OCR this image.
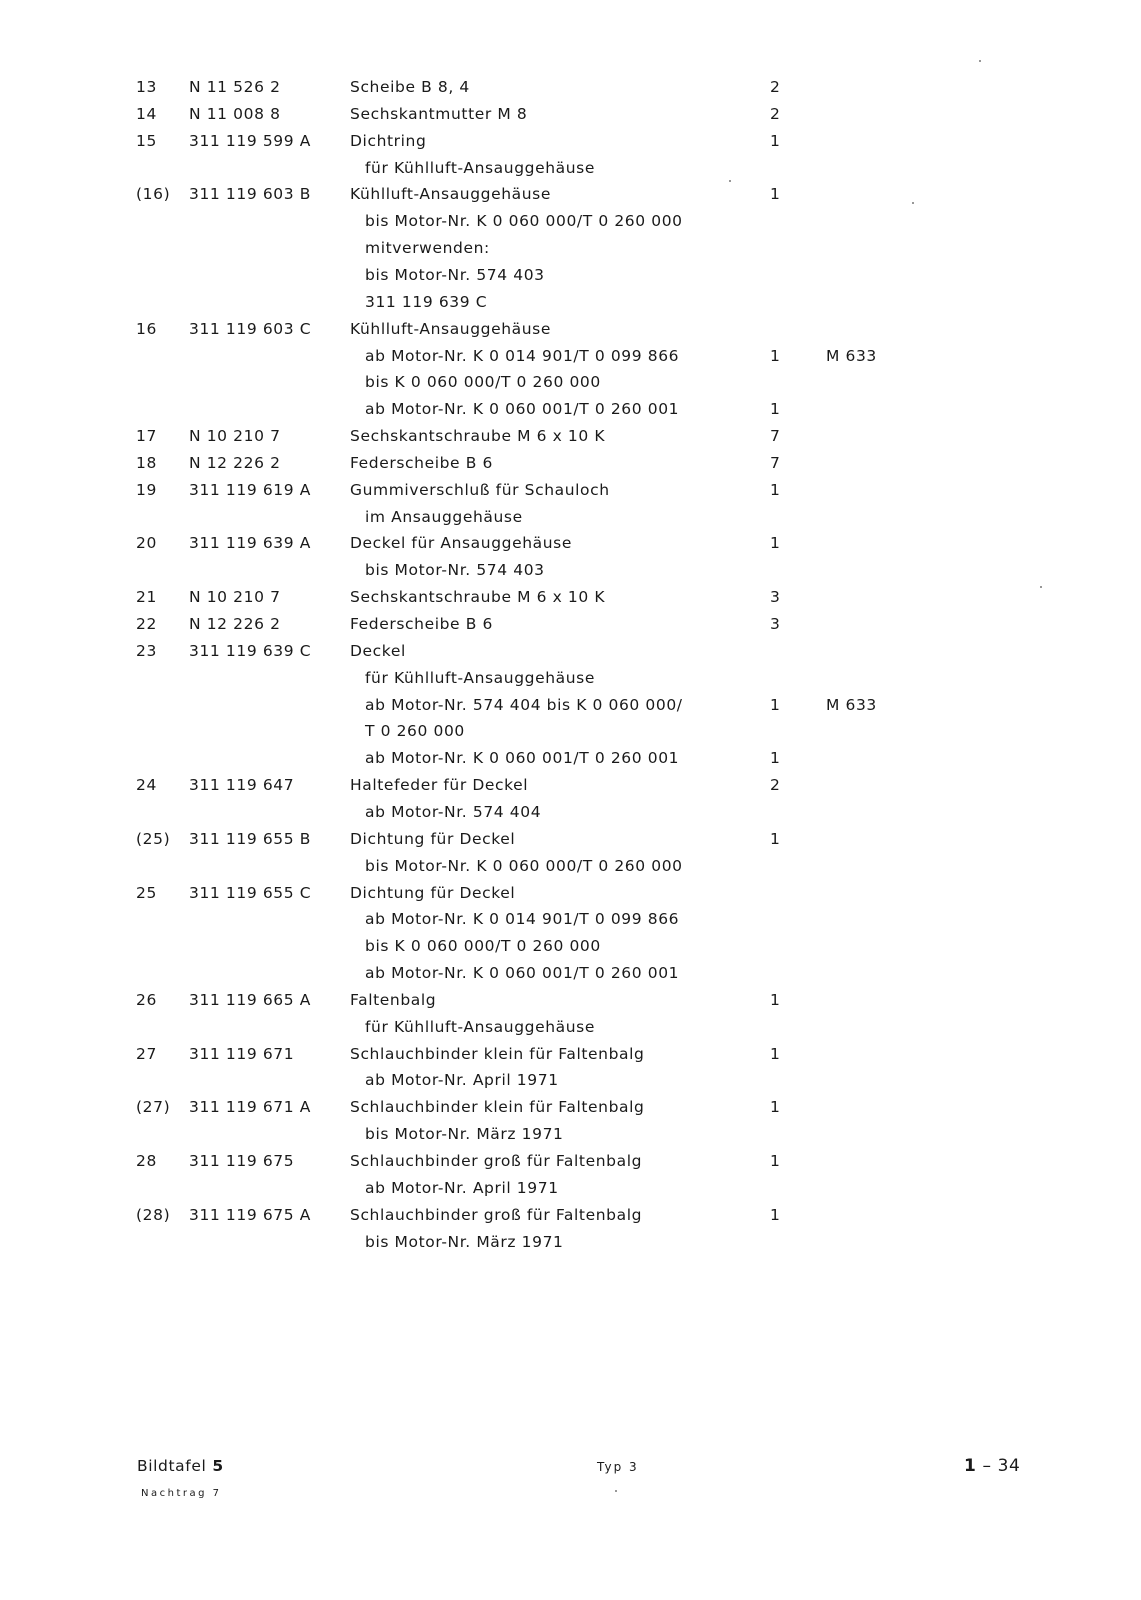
13 N 11 526 2	Scheibe B 8, 4	2
14 N 11 008 8	Sechskantmutter M 8	2
15 311 119 599 A	Dichtring	1
für Kühlluft-Ansauggehäuse
(16) 311 119 603 B	Kühlluft-Ansauggehäuse	1
bis Motor-Nr. K 0 060 000/T 0 260 000
mitverwenden:
bis Motor-Nr. 574 403
311 119 639 C
16 311 119 603 C	Kühlluft-Ansauggehäuse
ab Motor-Nr. K 0 014 901/T 0 099 866	1	M 633
bis K 0 060 000/T 0 260 000
ab Motor-Nr. K 0 060 001/T 0 260 001	1
17 N 10 210 7	Sechskantschraube M 6 x 10 K	7
18 N 12 226 2	Federscheibe B 6	7
19 311 119 619 A	Gummiverschluß für Schauloch	1
im Ansauggehäuse
20 311 119 639 A	Deckel für Ansauggehäuse	1
bis Motor-Nr. 574 403
21 N 10 210 7	Sechskantschraube M 6 x 10 K	3
22 N 12 226 2	Federscheibe B 6	3
23 311 119 639 C	Deckel
für Kühlluft-Ansauggehäuse
ab Motor-Nr. 574 404 bis K 0 060 000/	1	M 633
T 0 260 000
ab Motor-Nr. K 0 060 001/T 0 260 001	1
24 311 119 647	Haltefeder für Deckel	2
ab Motor-Nr. 574 404
(25) 311 119 655 B	Dichtung für Deckel	1
bis Motor-Nr. K 0 060 000/T 0 260 000
25 311 119 655 C	Dichtung für Deckel
ab Motor-Nr. K 0 014 901/T 0 099 866
bis K 0 060 000/T 0 260 000
ab Motor-Nr. K 0 060 001/T 0 260 001
26 311 119 665 A	Faltenbalg	1
für Kühlluft-Ansauggehäuse
27 311 119 671	Schlauchbinder klein für Faltenbalg	1
ab Motor-Nr. April 1971
(27) 311 119 671 A	Schlauchbinder klein für Faltenbalg	1
bis Motor-Nr. März 1971
28 311 119 675	Schlauchbinder groß für Faltenbalg	1
ab Motor-Nr. April 1971
(28) 311 119 675 A	Schlauchbinder groß für Faltenbalg	1
bis Motor-Nr. März 1971
Bildtafel 5
Nachtrag 7
Typ 3	1 – 34
